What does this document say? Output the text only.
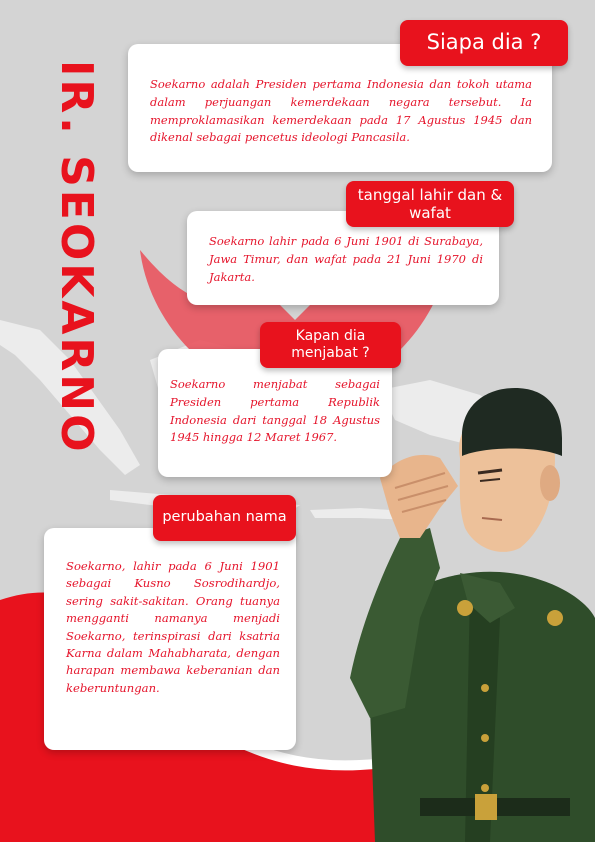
IR. SEOKARNO	Soekarno adalah Presiden pertama Indonesia dan tokoh utama dalam perjuangan kemerdekaan negara tersebut. Ia memproklamasikan kemerdekaan pada 17 Agustus 1945 dan dikenal sebagai pencetus ideologi Pancasila.

Siapa dia ?

Soekarno lahir pada 6 Juni 1901 di Surabaya, Jawa Timur, dan wafat pada 21 Juni 1970 di Jakarta.

tanggal lahir dan & wafat

Soekarno menjabat sebagai Presiden pertama Republik Indonesia dari tanggal 18 Agustus 1945 hingga 12 Maret 1967.

Kapan dia menjabat ?

Soekarno, lahir pada 6 Juni 1901 sebagai Kusno Sosrodihardjo, sering sakit-sakitan. Orang tuanya mengganti namanya menjadi Soekarno, terinspirasi dari ksatria Karna dalam Mahabharata, dengan harapan membawa keberanian dan keberuntungan.

perubahan nama
